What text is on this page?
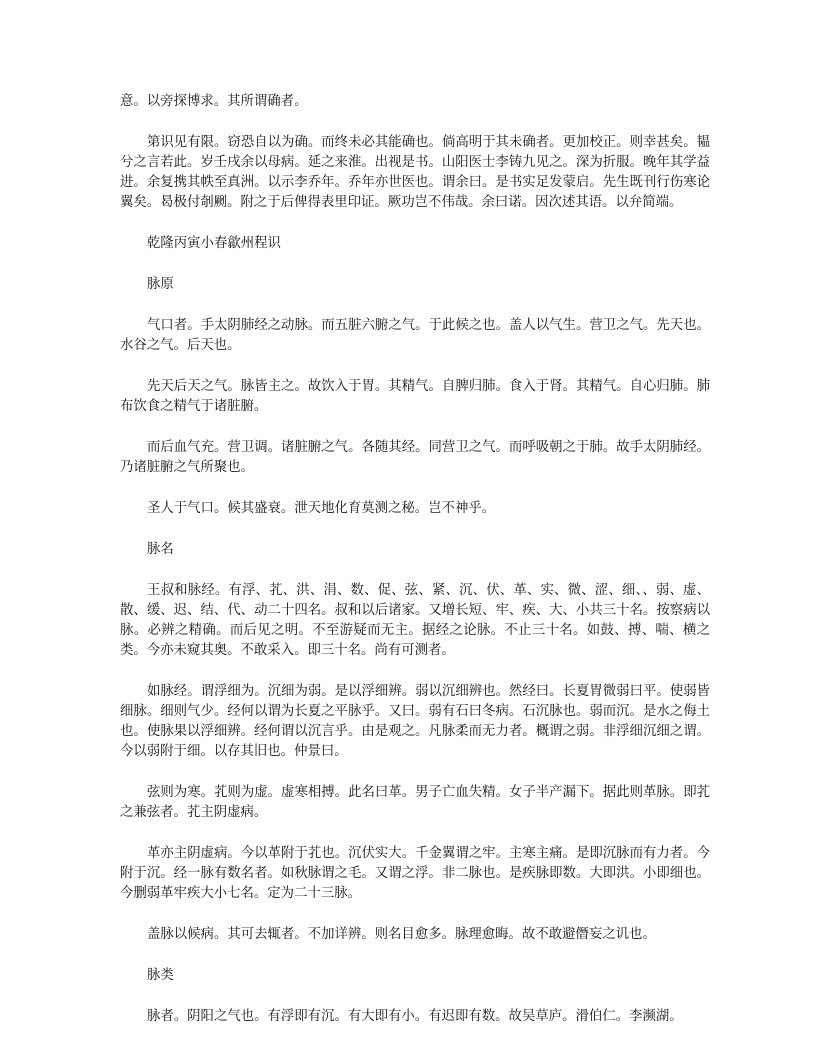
意。以旁探博求。其所谓确者。

第识见有限。窃恐自以为确。而终未必其能确也。倘高明于其未确者。更加校正。则幸甚矣。韫兮之言若此。岁壬戌余以母病。延之来淮。出视是书。山阳医士李铸九见之。深为折服。晚年其学益进。余复携其帙至真洲。以示李乔年。乔年亦世医也。谓余曰。是书实足发蒙启。先生既刊行伤寒论翼矣。曷极付剞劂。附之于后俾得表里印证。厥功岂不伟哉。余曰诺。因次述其语。以弁简端。

乾隆丙寅小春歙州程识

脉原

气口者。手太阴肺经之动脉。而五脏六腑之气。于此候之也。盖人以气生。营卫之气。先天也。水谷之气。后天也。

先天后天之气。脉皆主之。故饮入于胃。其精气。自脾归肺。食入于肾。其精气。自心归肺。肺布饮食之精气于诸脏腑。

而后血气充。营卫调。诸脏腑之气。各随其经。同营卫之气。而呼吸朝之于肺。故手太阴肺经。乃诸脏腑之气所聚也。

圣人于气口。候其盛衰。泄天地化育莫测之秘。岂不神乎。

脉名

王叔和脉经。有浮、芤、洪、涓、数、促、弦、紧、沉、伏、革、实、微、涩、细、、弱、虚、散、缓、迟、结、代、动二十四名。叔和以后诸家。又增长短、牢、疾、大、小共三十名。按察病以脉。必辨之精确。而后见之明。不至游疑而无主。据经之论脉。不止三十名。如鼓、搏、喘、横之类。今亦未窥其奥。不敢采入。即三十名。尚有可测者。

如脉经。谓浮细为。沉细为弱。是以浮细辨。弱以沉细辨也。然经曰。长夏胃微弱曰平。使弱皆细脉。细则气少。经何以谓为长夏之平脉乎。又曰。弱有石曰冬病。石沉脉也。弱而沉。是水之侮土也。使脉果以浮细辨。经何谓以沉言乎。由是观之。凡脉柔而无力者。概谓之弱。非浮细沉细之谓。今以弱附于细。以存其旧也。仲景曰。

弦则为寒。芤则为虚。虚寒相搏。此名曰革。男子亡血失精。女子半产漏下。据此则革脉。即芤之兼弦者。芤主阴虚病。

革亦主阴虚病。今以革附于芤也。沉伏实大。千金翼谓之牢。主寒主痛。是即沉脉而有力者。今附于沉。经一脉有数名者。如秋脉谓之毛。又谓之浮。非二脉也。是疾脉即数。大即洪。小即细也。今删弱革牢疾大小七名。定为二十三脉。

盖脉以候病。其可去辄者。不加详辨。则名目愈多。脉理愈晦。故不敢避僭妄之讥也。

脉类

脉者。阴阳之气也。有浮即有沉。有大即有小。有迟即有数。故吴草庐。滑伯仁。李濒湖。
